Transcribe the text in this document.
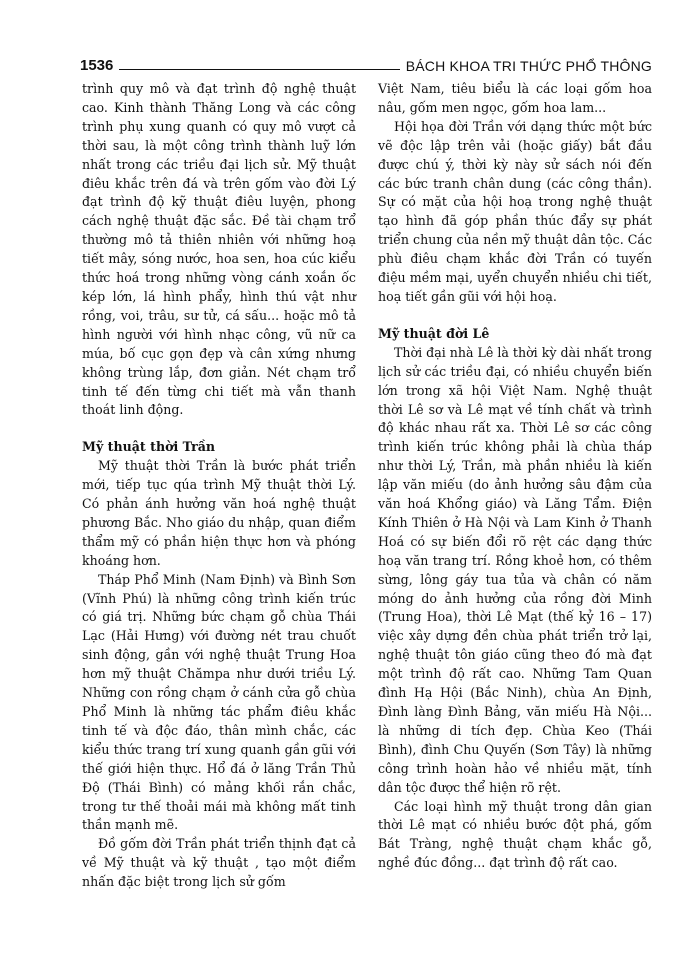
1536	BÁCH KHOA TRI THỨC PHỔ THÔNG

trình quy mô và đạt trình độ nghệ thuật cao. Kinh thành Thăng Long và các công trình phụ xung quanh có quy mô vượt cả thời sau, là một công trình thành luỹ lớn nhất trong các triều đại lịch sử. Mỹ thuật điêu khắc trên đá và trên gốm vào đời Lý đạt trình độ kỹ thuật điêu luyện, phong cách nghệ thuật đặc sắc. Đề tài chạm trổ thường mô tả thiên nhiên với những hoạ tiết mây, sóng nước, hoa sen, hoa cúc kiểu thức hoá trong những vòng cánh xoắn ốc kép lớn, lá hình phẩy, hình thú vật như rồng, voi, trâu, sư tử, cá sấu... hoặc mô tả hình người với hình nhạc công, vũ nữ ca múa, bố cục gọn đẹp và cân xứng nhưng không trùng lắp, đơn giản. Nét chạm trổ tinh tế đến từng chi tiết mà vẫn thanh thoát linh động.

Mỹ thuật thời Trần

Mỹ thuật thời Trần là bước phát triển mới, tiếp tục qúa trình Mỹ thuật thời Lý. Có phản ánh hưởng văn hoá nghệ thuật phương Bắc. Nho giáo du nhập, quan điểm thẩm mỹ có phần hiện thực hơn và phóng khoáng hơn.

Tháp Phổ Minh (Nam Định) và Bình Sơn (Vĩnh Phú) là những công trình kiến trúc có giá trị. Những bức chạm gỗ chùa Thái Lạc (Hải Hưng) với đường nét trau chuốt sinh động, gần với nghệ thuật Trung Hoa hơn mỹ thuật Chămpa như dưới triều Lý. Những con rồng chạm ở cánh cửa gỗ chùa Phổ Minh là những tác phẩm điêu khắc tinh tế và độc đáo, thân mình chắc, các kiểu thức trang trí xung quanh gần gũi với thế giới hiện thực. Hổ đá ở lăng Trần Thủ Độ (Thái Bình) có mảng khối rắn chắc, trong tư thế thoải mái mà không mất tinh thần mạnh mẽ.

Đồ gốm đời Trần phát triển thịnh đạt cả về Mỹ thuật và kỹ thuật , tạo một điểm nhấn đặc biệt trong lịch sử gốm

Việt Nam, tiêu biểu là các loại gốm hoa nâu, gốm men ngọc, gốm hoa lam...

Hội họa đời Trần với dạng thức một bức vẽ độc lập trên vải (hoặc giấy) bắt đầu được chú ý, thời kỳ này sử sách nói đến các bức tranh chân dung (các công thần). Sự có mặt của hội hoạ trong nghệ thuật tạo hình đã góp phần thúc đẩy sự phát triển chung của nền mỹ thuật dân tộc. Các phù điêu chạm khắc đời Trần có tuyến điệu mềm mại, uyển chuyển nhiều chi tiết, hoạ tiết gần gũi với hội hoạ.

Mỹ thuật đời Lê

Thời đại nhà Lê là thời kỳ dài nhất trong lịch sử các triều đại, có nhiều chuyển biến lớn trong xã hội Việt Nam. Nghệ thuật thời Lê sơ và Lê mạt về tính chất và trình độ khác nhau rất xa. Thời Lê sơ các công trình kiến trúc không phải là chùa tháp như thời Lý, Trần, mà phần nhiều là kiến lập văn miếu (do ảnh hưởng sâu đậm của văn hoá Khổng giáo) và Lăng Tẩm. Điện Kính Thiên ở Hà Nội và Lam Kinh ở Thanh Hoá có sự biến đổi rõ rệt các dạng thức hoạ văn trang trí. Rồng khoẻ hơn, có thêm sừng, lông gáy tua tủa và chân có năm móng do ảnh hưởng của rồng đời Minh (Trung Hoa), thời Lê Mạt (thế kỷ 16 – 17) việc xây dựng đền chùa phát triển trở lại, nghệ thuật tôn giáo cũng theo đó mà đạt một trình độ rất cao. Những Tam Quan đình Hạ Hội (Bắc Ninh), chùa An Định, Đình làng Đình Bảng, văn miếu Hà Nội... là những di tích đẹp. Chùa Keo (Thái Bình), đình Chu Quyến (Sơn Tây) là những công trình hoàn hảo về nhiều mặt, tính dân tộc được thể hiện rõ rệt.

Các loại hình mỹ thuật trong dân gian thời Lê mạt có nhiều bước đột phá, gốm Bát Tràng, nghệ thuật chạm khắc gỗ, nghề đúc đồng... đạt trình độ rất cao.
